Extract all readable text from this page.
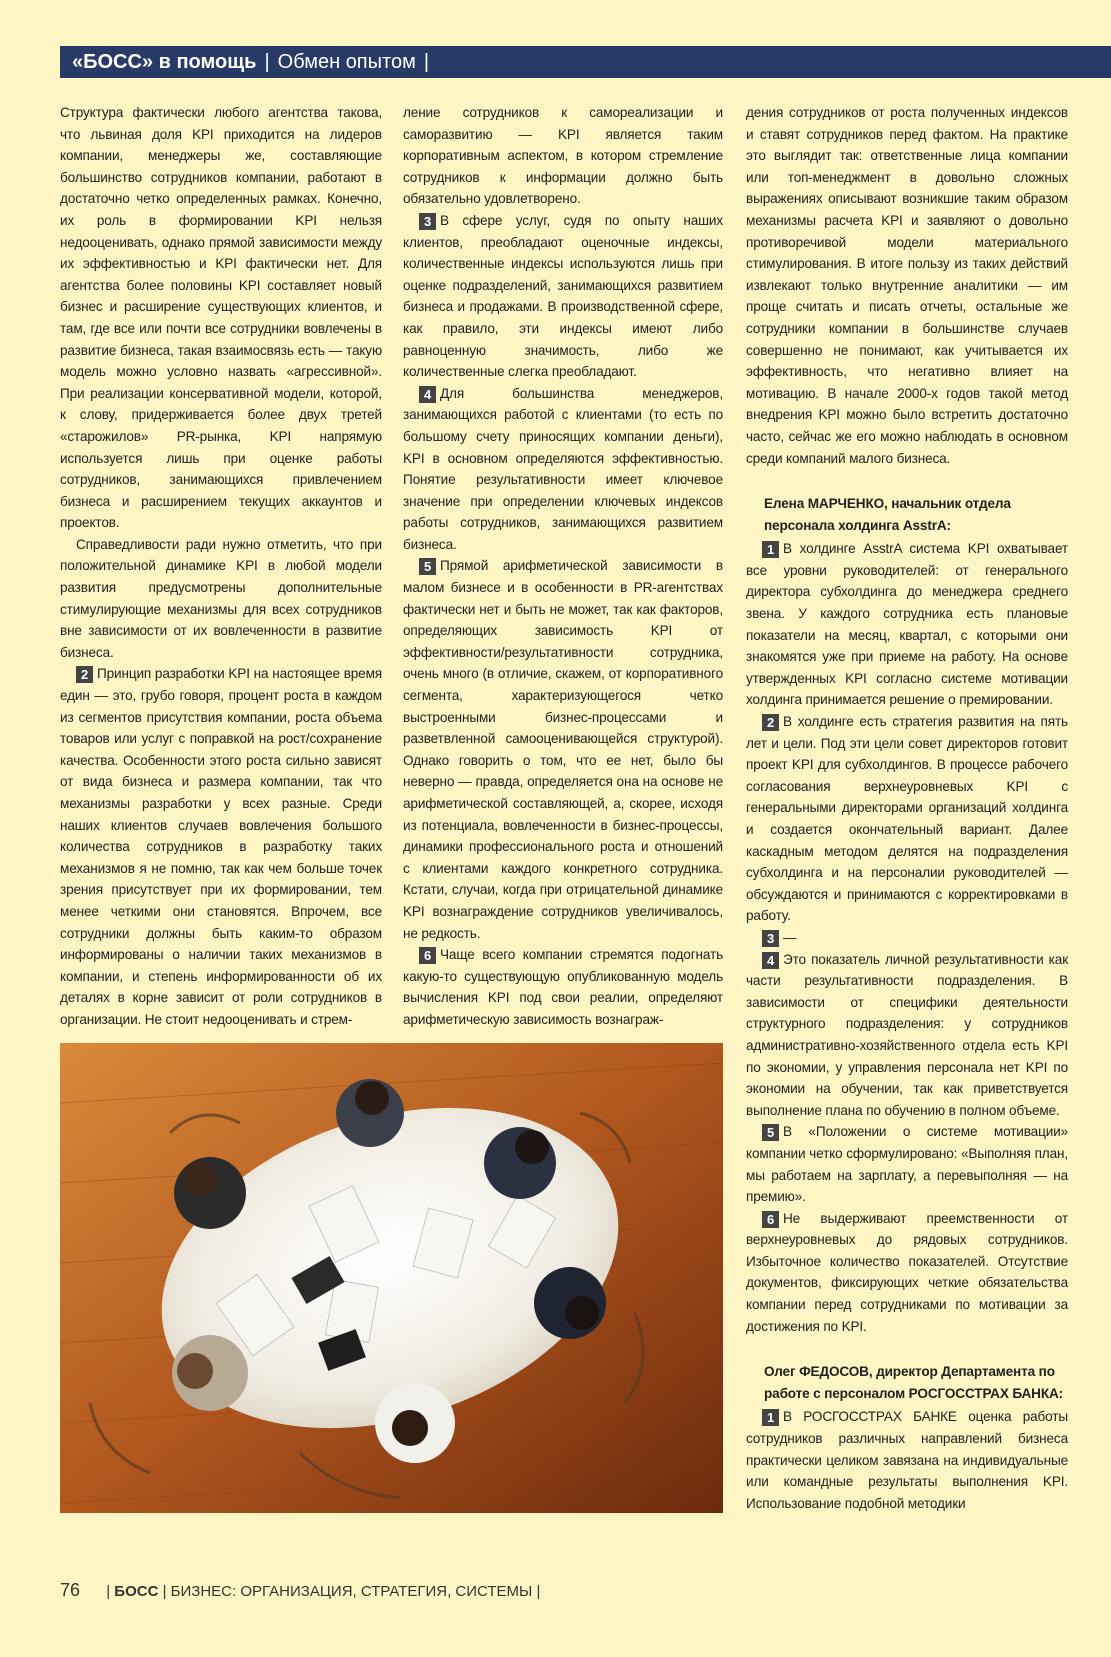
«БОСС» в помощь | Обмен опытом |

Структура фактически любого агентства такова, что львиная доля KPI приходится на лидеров компании, менеджеры же, составляющие большинство сотрудников компании, работают в достаточно четко определенных рамках. Конечно, их роль в формировании KPI нельзя недооценивать, однако прямой зависимости между их эффективностью и KPI фактически нет. Для агентства более половины KPI составляет новый бизнес и расширение существующих клиентов, и там, где все или почти все сотрудники вовлечены в развитие бизнеса, такая взаимосвязь есть — такую модель можно условно назвать «агрессивной». При реализации консервативной модели, которой, к слову, придерживается более двух третей «старожилов» PR-рынка, KPI напрямую используется лишь при оценке работы сотрудников, занимающихся привлечением бизнеса и расширением текущих аккаунтов и проектов.

Справедливости ради нужно отметить, что при положительной динамике KPI в любой модели развития предусмотрены дополнительные стимулирующие механизмы для всех сотрудников вне зависимости от их вовлеченности в развитие бизнеса.

2 Принцип разработки KPI на настоящее время един — это, грубо говоря, процент роста в каждом из сегментов присутствия компании, роста объема товаров или услуг с поправкой на рост/сохранение качества. Особенности этого роста сильно зависят от вида бизнеса и размера компании, так что механизмы разработки у всех разные. Среди наших клиентов случаев вовлечения большого количества сотрудников в разработку таких механизмов я не помню, так как чем больше точек зрения присутствует при их формировании, тем менее четкими они становятся. Впрочем, все сотрудники должны быть каким-то образом информированы о наличии таких механизмов в компании, и степень информированности об их деталях в корне зависит от роли сотрудников в организации. Не стоит недооценивать и стрем-

ление сотрудников к самореализации и саморазвитию — KPI является таким корпоративным аспектом, в котором стремление сотрудников к информации должно быть обязательно удовлетворено.

3 В сфере услуг, судя по опыту наших клиентов, преобладают оценочные индексы, количественные индексы используются лишь при оценке подразделений, занимающихся развитием бизнеса и продажами. В производственной сфере, как правило, эти индексы имеют либо равноценную значимость, либо же количественные слегка преобладают.

4 Для большинства менеджеров, занимающихся работой с клиентами (то есть по большому счету приносящих компании деньги), KPI в основном определяются эффективностью. Понятие результативности имеет ключевое значение при определении ключевых индексов работы сотрудников, занимающихся развитием бизнеса.

5 Прямой арифметической зависимости в малом бизнесе и в особенности в PR-агентствах фактически нет и быть не может, так как факторов, определяющих зависимость KPI от эффективности/результативности сотрудника, очень много (в отличие, скажем, от корпоративного сегмента, характеризующегося четко выстроенными бизнес-процессами и разветвленной самооценивающейся структурой). Однако говорить о том, что ее нет, было бы неверно — правда, определяется она на основе не арифметической составляющей, а, скорее, исходя из потенциала, вовлеченности в бизнес-процессы, динамики профессионального роста и отношений с клиентами каждого конкретного сотрудника. Кстати, случаи, когда при отрицательной динамике KPI вознаграждение сотрудников увеличивалось, не редкость.

6 Чаще всего компании стремятся подогнать какую-то существующую опубликованную модель вычисления KPI под свои реалии, определяют арифметическую зависимость вознаграж-

дения сотрудников от роста полученных индексов и ставят сотрудников перед фактом. На практике это выглядит так: ответственные лица компании или топ-менеджмент в довольно сложных выражениях описывают возникшие таким образом механизмы расчета KPI и заявляют о довольно противоречивой модели материального стимулирования. В итоге пользу из таких действий извлекают только внутренние аналитики — им проще считать и писать отчеты, остальные же сотрудники компании в большинстве случаев совершенно не понимают, как учитывается их эффективность, что негативно влияет на мотивацию. В начале 2000-х годов такой метод внедрения KPI можно было встретить достаточно часто, сейчас же его можно наблюдать в основном среди компаний малого бизнеса.

Елена МАРЧЕНКО, начальник отдела персонала холдинга AsstrA:

1 В холдинге AsstrA система KPI охватывает все уровни руководителей: от генерального директора субхолдинга до менеджера среднего звена. У каждого сотрудника есть плановые показатели на месяц, квартал, с которыми они знакомятся уже при приеме на работу. На основе утвержденных KPI согласно системе мотивации холдинга принимается решение о премировании.

2 В холдинге есть стратегия развития на пять лет и цели. Под эти цели совет директоров готовит проект KPI для субхолдингов. В процессе рабочего согласования верхнеуровневых KPI с генеральными директорами организаций холдинга и создается окончательный вариант. Далее каскадным методом делятся на подразделения субхолдинга и на персоналии руководителей — обсуждаются и принимаются с корректировками в работу.

3 —

4 Это показатель личной результативности как части результативности подразделения. В зависимости от специфики деятельности структурного подразделения: у сотрудников административно-хозяйственного отдела есть KPI по экономии, у управления персонала нет KPI по экономии на обучении, так как приветствуется выполнение плана по обучению в полном объеме.

5 В «Положении о системе мотивации» компании четко сформулировано: «Выполняя план, мы работаем на зарплату, а перевыполняя — на премию».

6 Не выдерживают преемственности от верхнеуровневых до рядовых сотрудников. Избыточное количество показателей. Отсутствие документов, фиксирующих четкие обязательства компании перед сотрудниками по мотивации за достижения по KPI.

Олег ФЕДОСОВ, директор Департамента по работе с персоналом РОСГОССТРАХ БАНКА:

1 В РОСГОССТРАХ БАНКЕ оценка работы сотрудников различных направлений бизнеса практически целиком завязана на индивидуальные или командные результаты выполнения KPI. Использование подобной методики

76 | БОСС | БИЗНЕС: ОРГАНИЗАЦИЯ, СТРАТЕГИЯ, СИСТЕМЫ |
